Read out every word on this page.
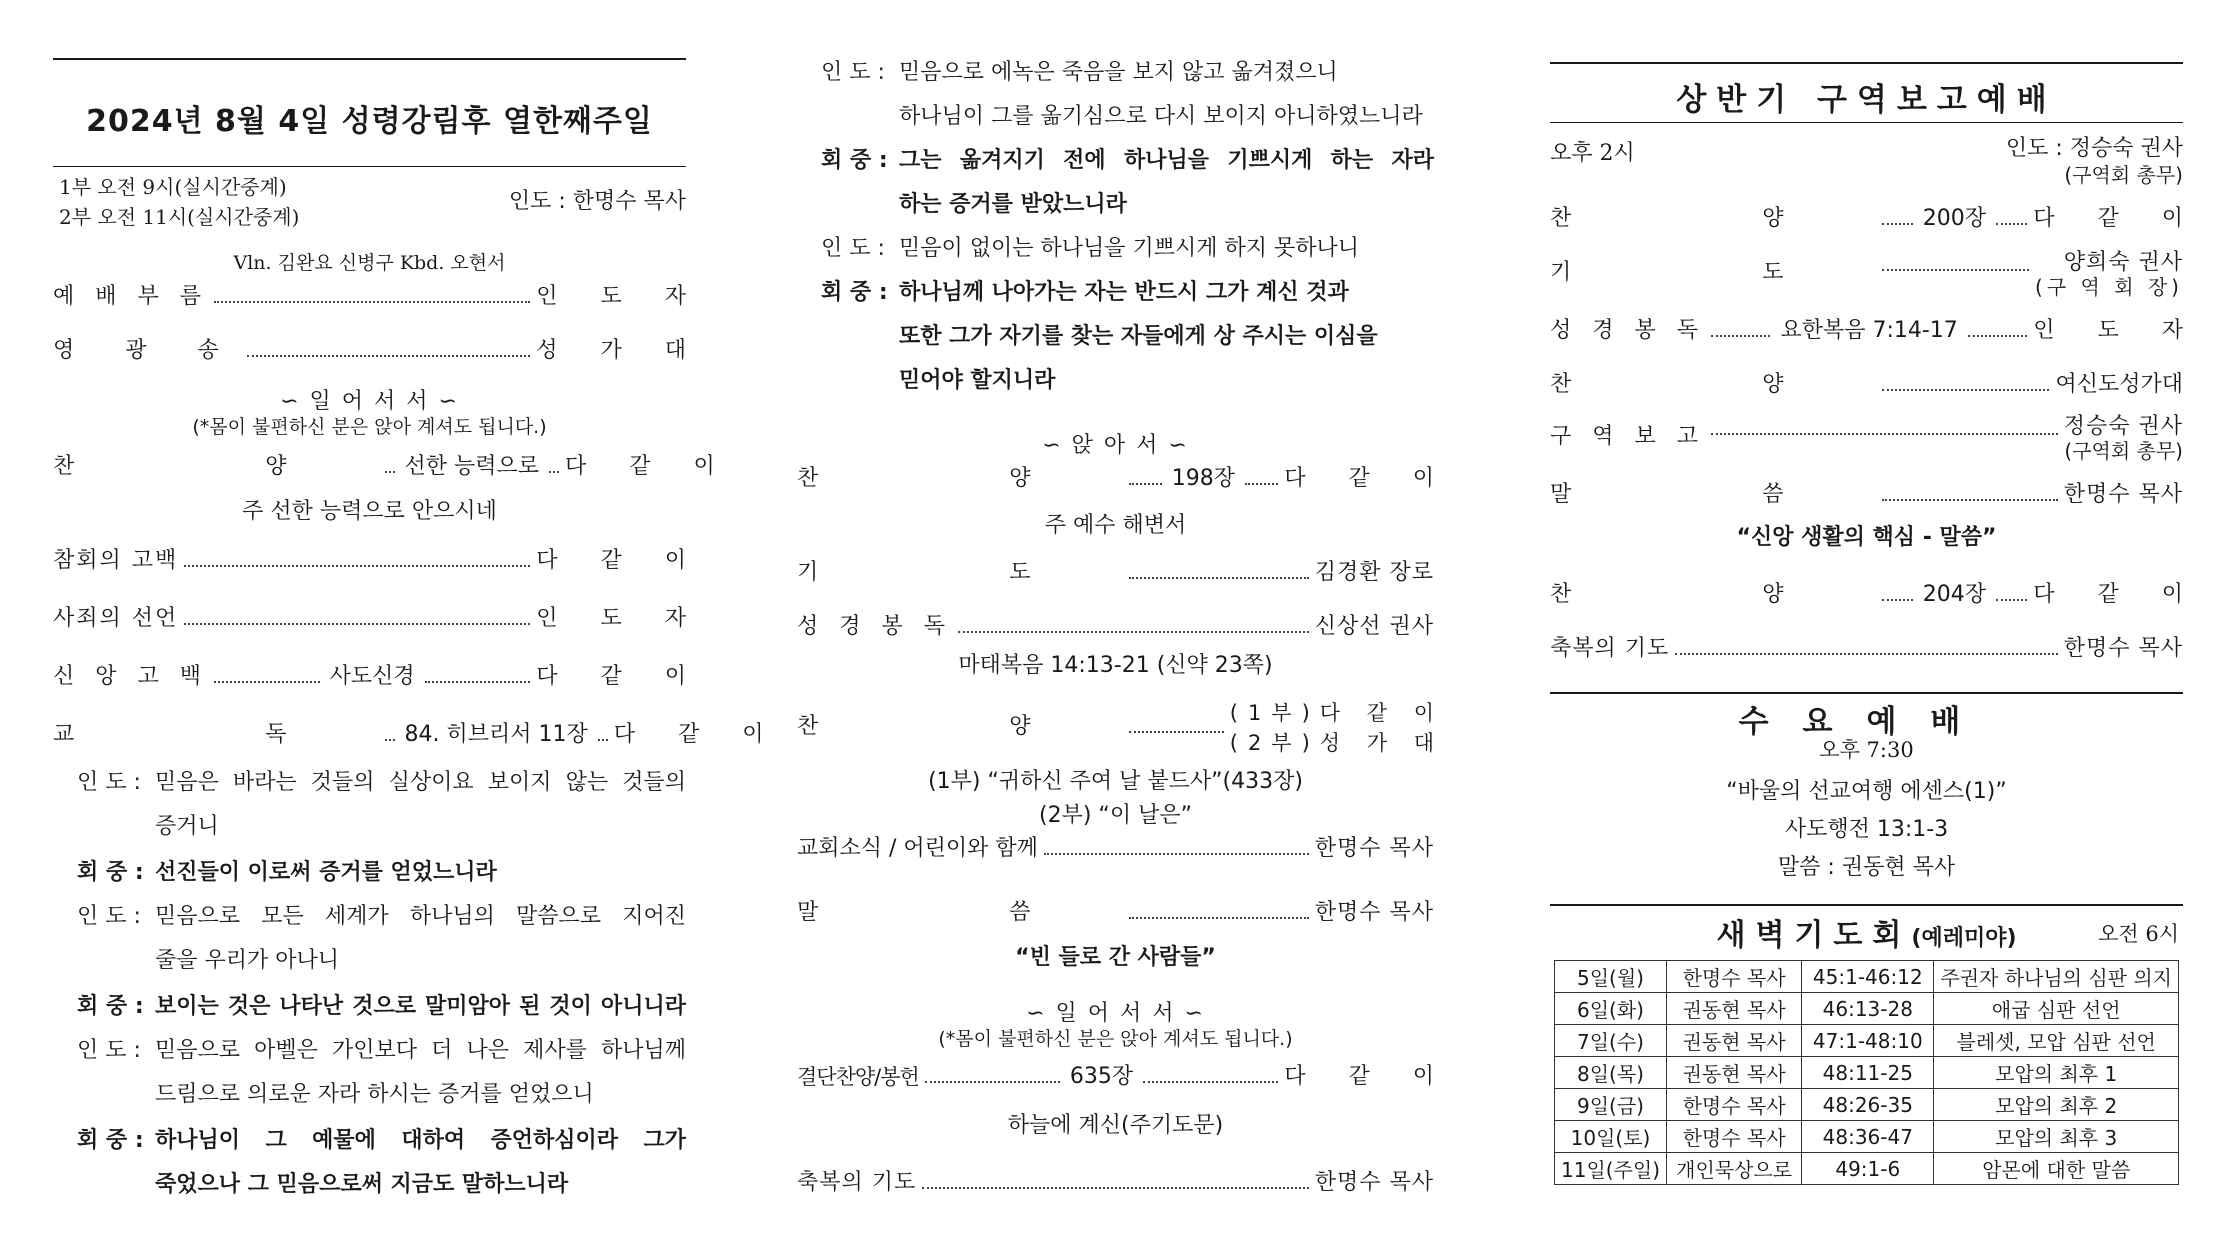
2024년 8월 4일 성령강림후 열한째주일
1부 오전 9시(실시간중계)
2부 오전 11시(실시간중계)
인도 : 한명수 목사
Vln. 김완요 신병구 Kbd. 오현서
예 배 부 름	인 도 자
영 광 송	성 가 대
∽ 일 어 서 서 ∽
(*몸이 불편하신 분은 앉아 계셔도 됩니다.)
찬 양 선한 능력으로 다 같 이
주 선한 능력으로 안으시네
참회의 고백	다 같 이
사죄의 선언	인 도 자
신 앙 고 백	사도신경	다 같 이
교 독 84. 히브리서 11장 다 같 이
인 도 : 믿음은 바라는 것들의 실상이요 보이지 않는 것들의
증거니
회 중 : 선진들이 이로써 증거를 얻었느니라
인 도 : 믿음으로 모든 세계가 하나님의 말씀으로 지어진
줄을 우리가 아나니
회 중 : 보이는 것은 나타난 것으로 말미암아 된 것이 아니니라
인 도 : 믿음으로 아벨은 가인보다 더 나은 제사를 하나님께
드림으로 의로운 자라 하시는 증거를 얻었으니
회 중 : 하나님이 그 예물에 대하여 증언하심이라 그가
죽었으나 그 믿음으로써 지금도 말하느니라
인 도 : 믿음으로 에녹은 죽음을 보지 않고 옮겨졌으니
하나님이 그를 옮기심으로 다시 보이지 아니하였느니라
회 중 : 그는 옮겨지기 전에 하나님을 기쁘시게 하는 자라
하는 증거를 받았느니라
인 도 : 믿음이 없이는 하나님을 기쁘시게 하지 못하나니
회 중 : 하나님께 나아가는 자는 반드시 그가 계신 것과
또한 그가 자기를 찾는 자들에게 상 주시는 이심을
믿어야 할지니라
∽ 앉 아 서 ∽
찬 양 198장 다 같 이
주 예수 해변서
기 도	김경환 장로
성 경 봉 독	신상선 권사
마태복음 14:13-21 (신약 23쪽)
찬 양
(1부)다 같 이
(2부)성 가 대
(1부) “귀하신 주여 날 붙드사”(433장)
(2부) “이 날은”
교회소식 / 어린이와 함께	한명수 목사
말 씀	한명수 목사
“빈 들로 간 사람들”
∽ 일 어 서 서 ∽
(*몸이 불편하신 분은 앉아 계셔도 됩니다.)
결단찬양/봉헌	635장	다 같 이
하늘에 계신(주기도문)
축복의 기도	한명수 목사
상반기 구역보고예배
오후 2시	인도 : 정승숙 권사
(구역회 총무)
찬 양 200장 다 같 이
기 도	양희숙 권사
(구 역 회 장)
성 경 봉 독	요한복음 7:14-17	인 도 자
찬 양	여신도성가대
구 역 보 고	정승숙 권사
(구역회 총무)
말 씀	한명수 목사
“신앙 생활의 핵심 - 말씀”
찬 양 204장 다 같 이
축복의 기도	한명수 목사
수요예배
오후 7:30
“바울의 선교여행 에센스(1)”
사도행전 13:1-3
말씀 : 권동현 목사
새벽기도회(예레미야)	오전 6시
5일(월)	한명수 목사	45:1-46:12	주권자 하나님의 심판 의지
6일(화)	권동현 목사	46:13-28	애굽 심판 선언
7일(수)	권동현 목사	47:1-48:10	블레셋, 모압 심판 선언
8일(목)	권동현 목사	48:11-25	모압의 최후 1
9일(금)	한명수 목사	48:26-35	모압의 최후 2
10일(토)	한명수 목사	48:36-47	모압의 최후 3
11일(주일)	개인묵상으로	49:1-6	암몬에 대한 말씀
